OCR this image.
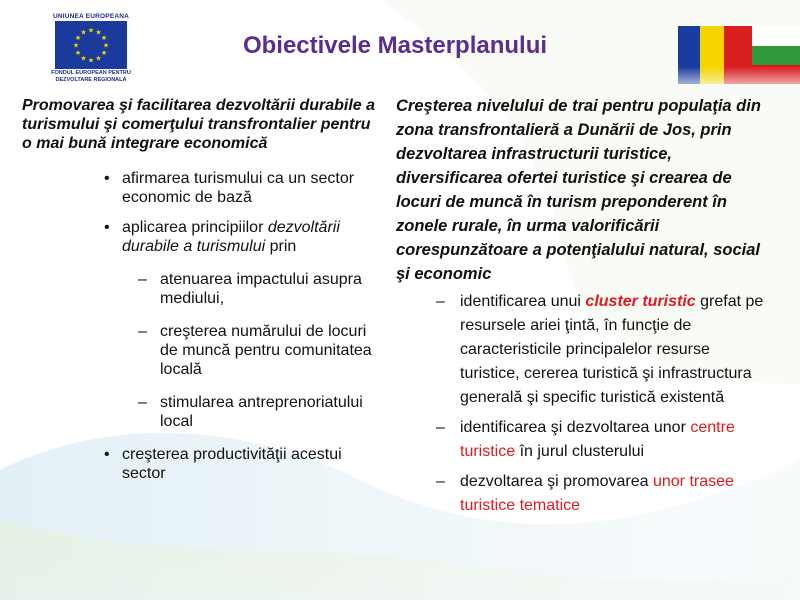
UNIUNEA EUROPEANA
★ ★
★
★
★
★
★
★
★
★
★
★
FONDUL EUROPEAN PENTRU
DEZVOLTARE REGIONALA
Obiectivele Masterplanului
Promovarea şi facilitarea dezvoltării durabile a turismului şi comerţului transfrontalier pentru o mai bună integrare economică
• afirmarea turismului ca un sector economic de bază
• aplicarea principiilor dezvoltării durabile a turismului prin
– atenuarea impactului asupra mediului,
– creşterea numărului de locuri de muncă pentru comunitatea locală
– stimularea antreprenoriatului local
• creşterea productivităţii acestui sector
Creşterea nivelului de trai pentru populaţia din zona transfrontalieră a Dunării de Jos, prin dezvoltarea infrastructurii turistice, diversificarea ofertei turistice şi crearea de locuri de muncă în turism preponderent în zonele rurale, în urma valorificării corespunzătoare a potenţialului natural, social şi economic
– identificarea unui cluster turistic grefat pe resursele ariei ţintă, în funcţie de caracteristicile principalelor resurse turistice, cererea turistică şi infrastructura generală şi specific turistică existentă
– identificarea şi dezvoltarea unor centre turistice în jurul clusterului
– dezvoltarea şi promovarea unor trasee turistice tematice
